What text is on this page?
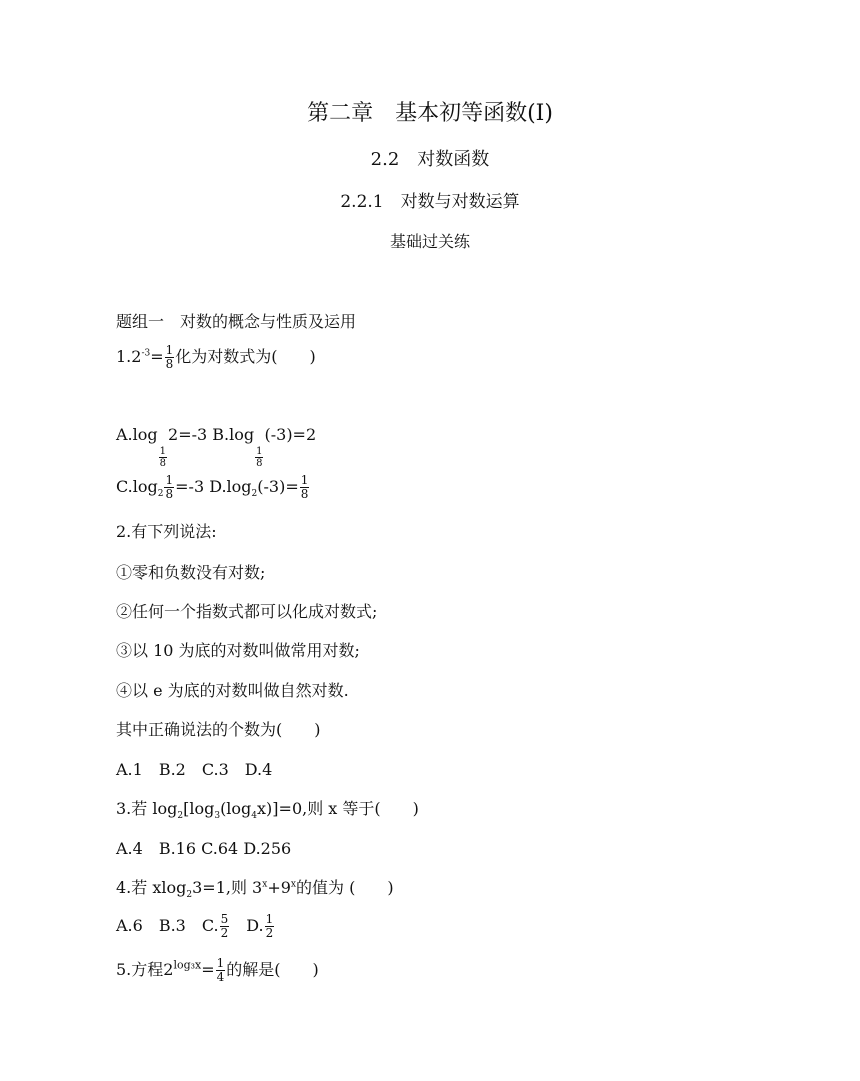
第二章　基本初等函数(Ⅰ)
2.2　对数函数
2.2.1　对数与对数运算
基础过关练
题组一　对数的概念与性质及运用
$1.2^{-3}= \frac{1}{8}$ 化为对数式为(　　)
A.log
$\frac{1}{8}$
2=-3 B.log
$\frac{1}{8}$
(-3)=2
$C.\log_2 \frac{1}{8} =-3$ $D.\log_2(-3)= \frac{1}{8}$
2.有下列说法:
①零和负数没有对数;
②任何一个指数式都可以化成对数式;
③以 10 为底的对数叫做常用对数;
④以 e 为底的对数叫做自然对数.
其中正确说法的个数为(　　)
A.1　B.2　C.3　D.4
3.若 $\log_2[\log_3(\log_4x)]=0$,则 x 等于(　　)
A.4　B.16 C.64 D.256
4.若 xlog$_2$3=1,则 $3^x+9^x$的值为 (　　)
A.6　B.3　C. $\frac{5}{2}$ 　D. $\frac{1}{2}$
5.方程$2^{log_3x}= \frac{1}{4}$ 的解是(　　)
